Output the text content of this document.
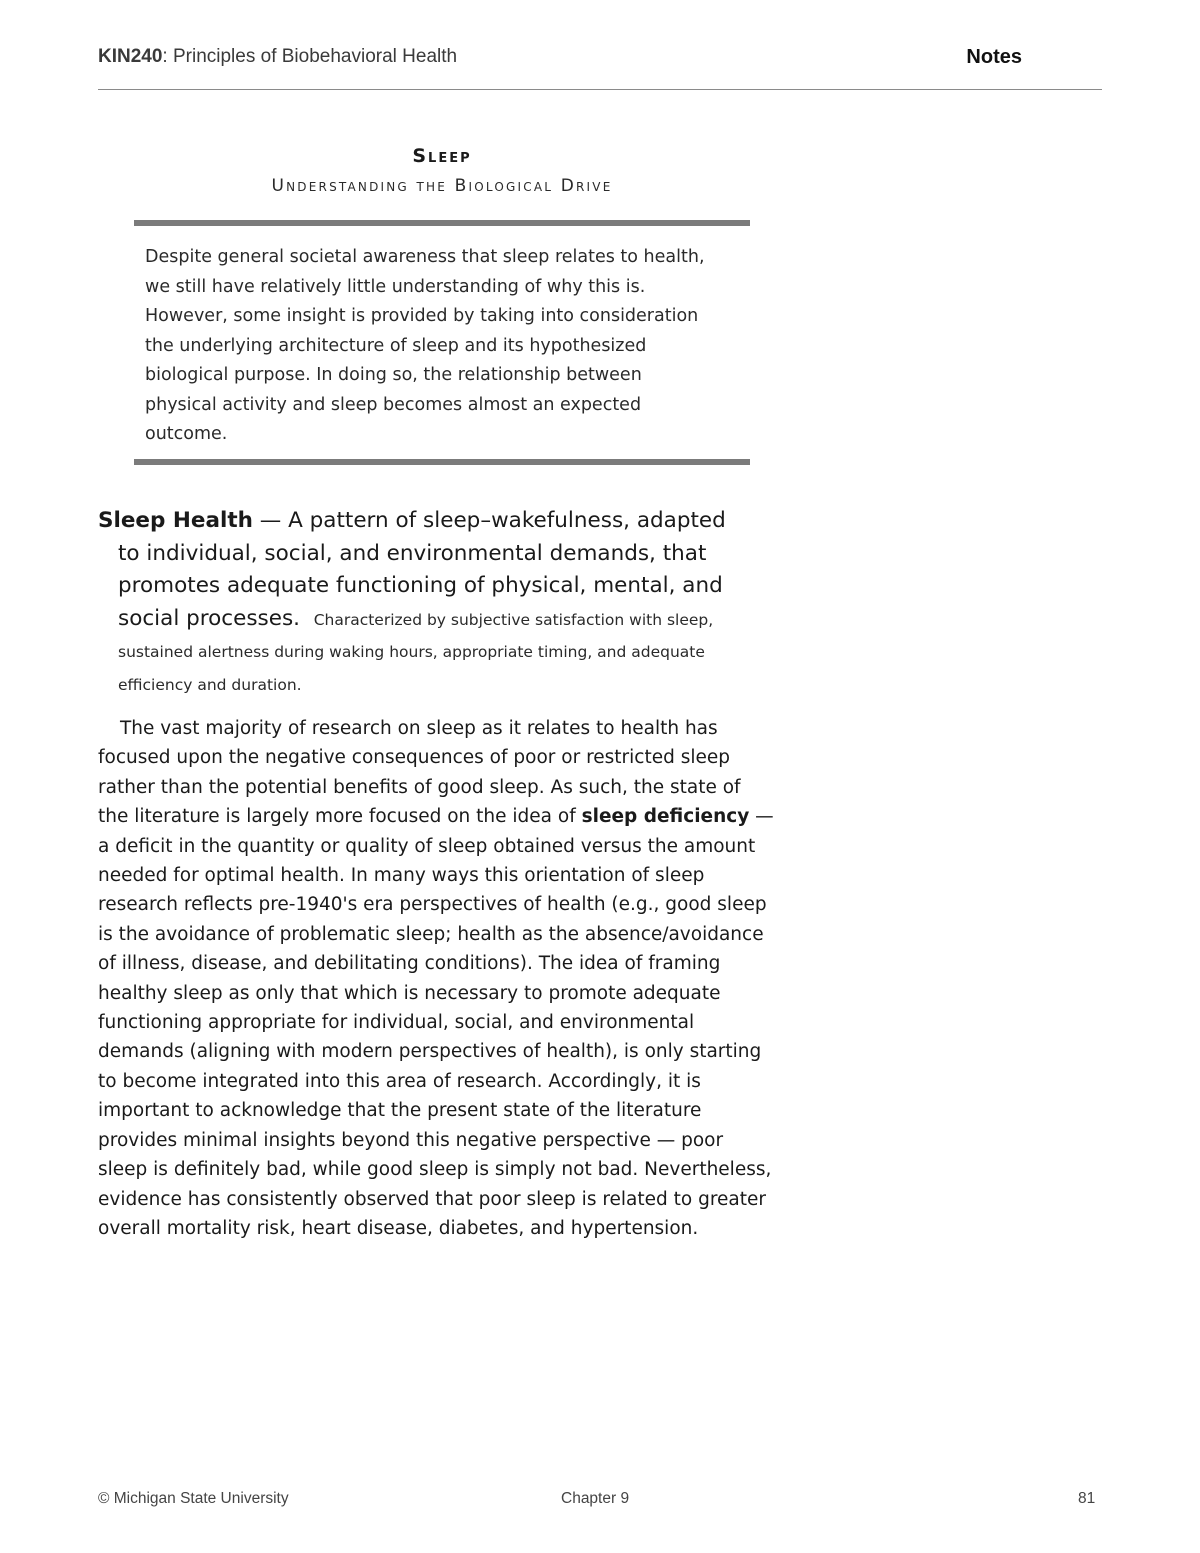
KIN240: Principles of Biobehavioral Health	Notes
Sleep
Understanding the Biological Drive

Despite general societal awareness that sleep relates to health,
we still have relatively little understanding of why this is.
However, some insight is provided by taking into consideration
the underlying architecture of sleep and its hypothesized
biological purpose. In doing so, the relationship between
physical activity and sleep becomes almost an expected
outcome.

Sleep Health — A pattern of sleep–wakefulness, adapted
to individual, social, and environmental demands, that
promotes adequate functioning of physical, mental, and
social processes. Characterized by subjective satisfaction with sleep,
sustained alertness during waking hours, appropriate timing, and adequate
efficiency and duration.

The vast majority of research on sleep as it relates to health has
focused upon the negative consequences of poor or restricted sleep
rather than the potential benefits of good sleep. As such, the state of
the literature is largely more focused on the idea of sleep deficiency —
a deficit in the quantity or quality of sleep obtained versus the amount
needed for optimal health. In many ways this orientation of sleep
research reflects pre-1940's era perspectives of health (e.g., good sleep
is the avoidance of problematic sleep; health as the absence/avoidance
of illness, disease, and debilitating conditions). The idea of framing
healthy sleep as only that which is necessary to promote adequate
functioning appropriate for individual, social, and environmental
demands (aligning with modern perspectives of health), is only starting
to become integrated into this area of research. Accordingly, it is
important to acknowledge that the present state of the literature
provides minimal insights beyond this negative perspective — poor
sleep is definitely bad, while good sleep is simply not bad. Nevertheless,
evidence has consistently observed that poor sleep is related to greater
overall mortality risk, heart disease, diabetes, and hypertension.

© Michigan State University	Chapter 9	81
